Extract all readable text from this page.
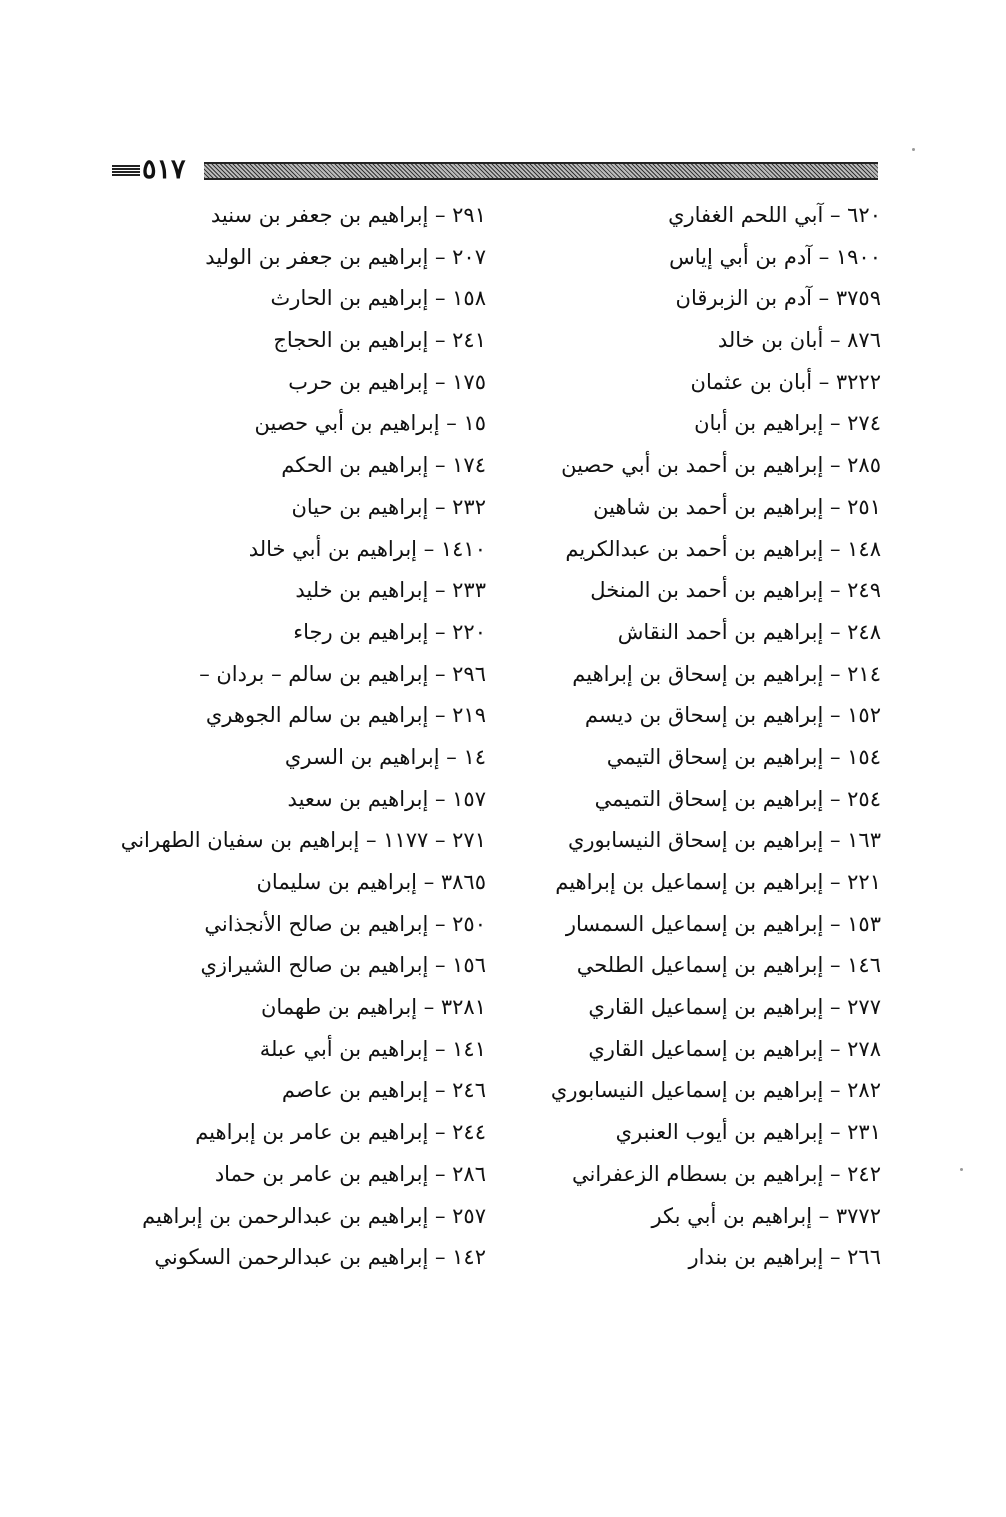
٥١٧
٦٢٠ – آبي اللحم الغفاري
١٩٠٠ – آدم بن أبي إياس
٣٧٥٩ – آدم بن الزبرقان
٨٧٦ – أبان بن خالد
٣٢٢٢ – أبان بن عثمان
٢٧٤ – إبراهيم بن أبان
٢٨٥ – إبراهيم بن أحمد بن أبي حصين
٢٥١ – إبراهيم بن أحمد بن شاهين
١٤٨ – إبراهيم بن أحمد بن عبدالكريم
٢٤٩ – إبراهيم بن أحمد بن المنخل
٢٤٨ – إبراهيم بن أحمد النقاش
٢١٤ – إبراهيم بن إسحاق بن إبراهيم
١٥٢ – إبراهيم بن إسحاق بن ديسم
١٥٤ – إبراهيم بن إسحاق التيمي
٢٥٤ – إبراهيم بن إسحاق التميمي
١٦٣ – إبراهيم بن إسحاق النيسابوري
٢٢١ – إبراهيم بن إسماعيل بن إبراهيم
١٥٣ – إبراهيم بن إسماعيل السمسار
١٤٦ – إبراهيم بن إسماعيل الطلحي
٢٧٧ – إبراهيم بن إسماعيل القاري
٢٧٨ – إبراهيم بن إسماعيل القاري
٢٨٢ – إبراهيم بن إسماعيل النيسابوري
٢٣١ – إبراهيم بن أيوب العنبري
٢٤٢ – إبراهيم بن بسطام الزعفراني
٣٧٧٢ – إبراهيم بن أبي بكر
٢٦٦ – إبراهيم بن بندار
٢٩١ – إبراهيم بن جعفر بن سنيد
٢٠٧ – إبراهيم بن جعفر بن الوليد
١٥٨ – إبراهيم بن الحارث
٢٤١ – إبراهيم بن الحجاج
١٧٥ – إبراهيم بن حرب
١٥ – إبراهيم بن أبي حصين
١٧٤ – إبراهيم بن الحكم
٢٣٢ – إبراهيم بن حيان
١٤١٠ – إبراهيم بن أبي خالد
٢٣٣ – إبراهيم بن خليد
٢٢٠ – إبراهيم بن رجاء
٢٩٦ – إبراهيم بن سالم – بردان –
٢١٩ – إبراهيم بن سالم الجوهري
١٤ – إبراهيم بن السري
١٥٧ – إبراهيم بن سعيد
٢٧١ – ١١٧٧ – إبراهيم بن سفيان الطهراني
٣٨٦٥ – إبراهيم بن سليمان
٢٥٠ – إبراهيم بن صالح الأنجذاني
١٥٦ – إبراهيم بن صالح الشيرازي
٣٢٨١ – إبراهيم بن طهمان
١٤١ – إبراهيم بن أبي عبلة
٢٤٦ – إبراهيم بن عاصم
٢٤٤ – إبراهيم بن عامر بن إبراهيم
٢٨٦ – إبراهيم بن عامر بن حماد
٢٥٧ – إبراهيم بن عبدالرحمن بن إبراهيم
١٤٢ – إبراهيم بن عبدالرحمن السكوني
